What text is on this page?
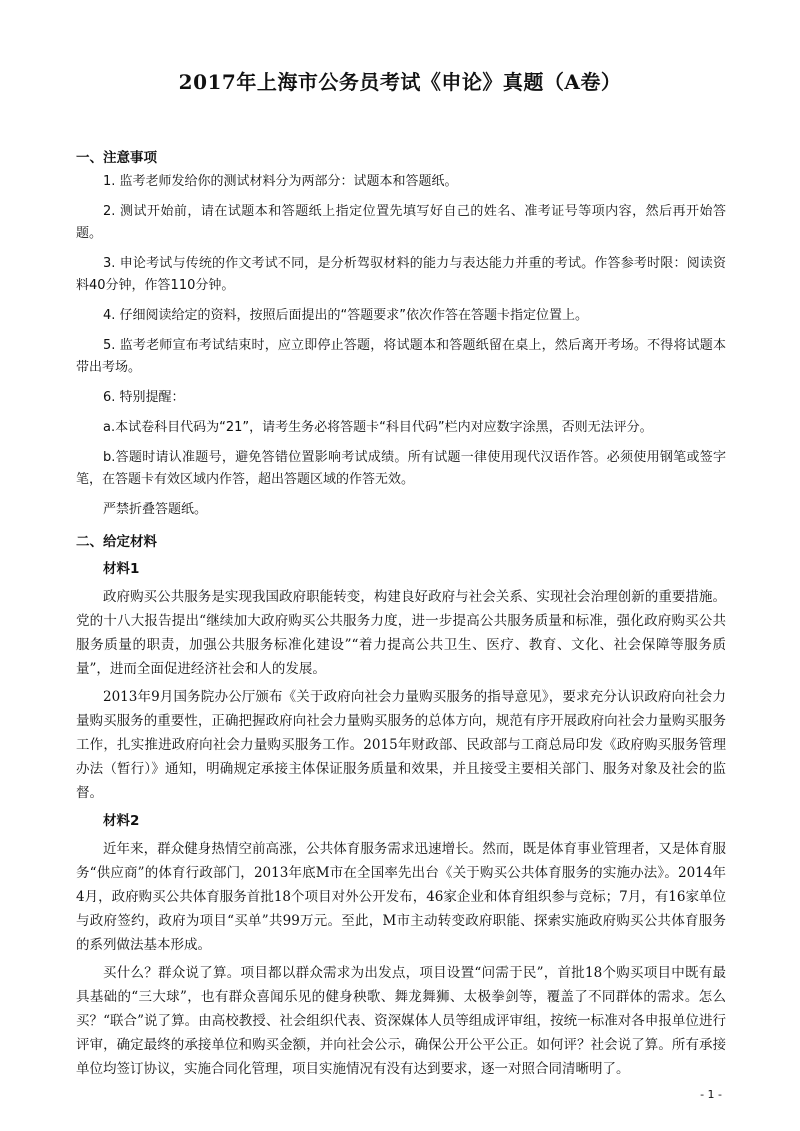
2017年上海市公务员考试《申论》真题（A卷）
一、注意事项
1. 监考老师发给你的测试材料分为两部分：试题本和答题纸。
2. 测试开始前，请在试题本和答题纸上指定位置先填写好自己的姓名、准考证号等项内容，然后再开始答题。
3. 申论考试与传统的作文考试不同，是分析驾驭材料的能力与表达能力并重的考试。作答参考时限：阅读资料40分钟，作答110分钟。
4. 仔细阅读给定的资料，按照后面提出的“答题要求”依次作答在答题卡指定位置上。
5. 监考老师宣布考试结束时，应立即停止答题，将试题本和答题纸留在桌上，然后离开考场。不得将试题本带出考场。
6. 特别提醒：
a.本试卷科目代码为“21”，请考生务必将答题卡“科目代码”栏内对应数字涂黑，否则无法评分。
b.答题时请认准题号，避免答错位置影响考试成绩。所有试题一律使用现代汉语作答。必须使用钢笔或签字笔，在答题卡有效区域内作答，超出答题区域的作答无效。
严禁折叠答题纸。
二、给定材料
材料1
政府购买公共服务是实现我国政府职能转变，构建良好政府与社会关系、实现社会治理创新的重要措施。党的十八大报告提出“继续加大政府购买公共服务力度，进一步提高公共服务质量和标准，强化政府购买公共服务质量的职责，加强公共服务标准化建设”“着力提高公共卫生、医疗、教育、文化、社会保障等服务质量”，进而全面促进经济社会和人的发展。
2013年9月国务院办公厅颁布《关于政府向社会力量购买服务的指导意见》，要求充分认识政府向社会力量购买服务的重要性，正确把握政府向社会力量购买服务的总体方向，规范有序开展政府向社会力量购买服务工作，扎实推进政府向社会力量购买服务工作。2015年财政部、民政部与工商总局印发《政府购买服务管理办法（暂行）》通知，明确规定承接主体保证服务质量和效果，并且接受主要相关部门、服务对象及社会的监督。
材料2
近年来，群众健身热情空前高涨，公共体育服务需求迅速增长。然而，既是体育事业管理者，又是体育服务“供应商”的体育行政部门，2013年底M市在全国率先出台《关于购买公共体育服务的实施办法》。2014年4月，政府购买公共体育服务首批18个项目对外公开发布，46家企业和体育组织参与竞标；7月，有16家单位与政府签约，政府为项目“买单”共99万元。至此，M市主动转变政府职能、探索实施政府购买公共体育服务的系列做法基本形成。
买什么？群众说了算。项目都以群众需求为出发点，项目设置“问需于民”，首批18个购买项目中既有最具基础的“三大球”，也有群众喜闻乐见的健身秧歌、舞龙舞狮、太极拳剑等，覆盖了不同群体的需求。怎么买？“联合”说了算。由高校教授、社会组织代表、资深媒体人员等组成评审组，按统一标准对各申报单位进行评审，确定最终的承接单位和购买金额，并向社会公示，确保公开公平公正。如何评？社会说了算。所有承接单位均签订协议，实施合同化管理，项目实施情况有没有达到要求，逐一对照合同清晰明了。
- 1 -
